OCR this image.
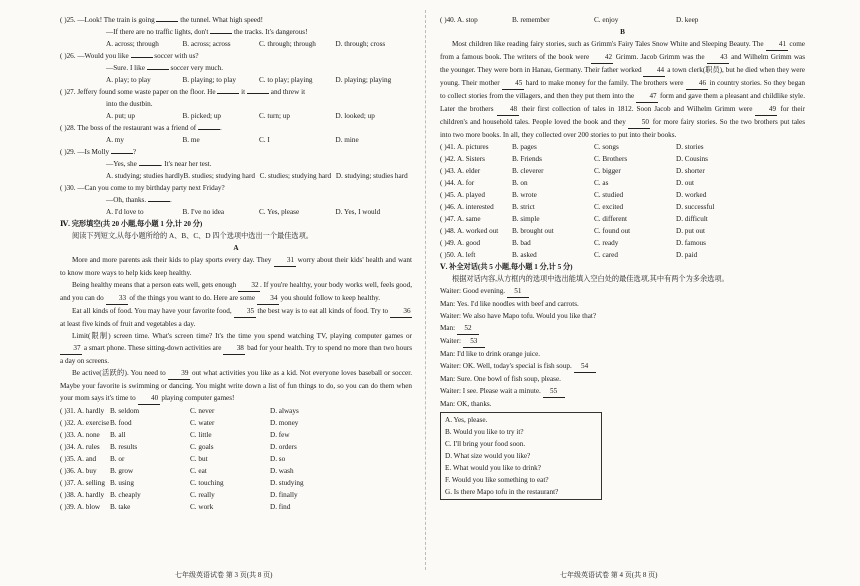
( )25. —Look! The train is going	the tunnel. What high speed!
—If there are no traffic lights, don't	the tracks. It's dangerous!
A. across; through	B. across; across	C. through; through	D. through; cross
( )26. —Would you like	soccer with us?
—Sure. I like	soccer very much.
A. play; to play	B. playing; to play	C. to play; playing	D. playing; playing
( )27. Jeffery found some waste paper on the floor. He	it	and threw it
into the dustbin.
A. put; up	B. picked; up	C. turn; up	D. looked; up
( )28. The boss of the restaurant was a friend of	.
A. my	B. me	C. I	D. mine
( )29. —Is Molly	?
—Yes, she	. It's near her test.
A. studying; studies hardly B. studies; studying hard C. studies; studying hard D. studying; studies hard
( )30. —Can you come to my birthday party next Friday?
—Oh, thanks.	.
A. I'd love to	B. I've no idea	C. Yes, please	D. Yes, I would
Ⅳ. 完形填空(共 20 小题,每小题 1 分,计 20 分)
阅读下列短文,从每小题所给的 A、B、C、D 四个选项中选出一个最佳选项。
A

More and more parents ask their kids to play sports every day. They 31 worry about their kids' health and want to know more ways to help kids keep healthy.

Being healthy means that a person eats well, gets enough 32. If you're healthy, your body works well, feels good, and you can do 33 of the things you want to do. Here are some 34 you should follow to keep healthy.

Eat all kinds of food. You may have your favorite food, 35 the best way is to eat all kinds of food. Try to 36 at least five kinds of fruit and vegetables a day.

Limit(限制) screen time. What's screen time? It's the time you spend watching TV, playing computer games or 37 a smart phone. These sitting-down activities are 38 bad for your health. Try to spend no more than two hours a day on screens.

Be active(活跃的). You need to 39 out what activities you like as a kid. Not everyone loves baseball or soccer. Maybe your favorite is swimming or dancing. You might write down a list of fun things to do, so you can do them when your mom says it's time to 40 playing computer games!

( )31. A. hardly B. seldom	C. never	D. always
( )32. A. exercise B. food	C. water	D. money
( )33. A. none	B. all	C. little	D. few
( )34. A. rules	B. results	C. goals	D. orders
( )35. A. and	B. or	C. but	D. so
( )36. A. buy	B. grow	C. eat	D. wash
( )37. A. selling B. using	C. touching	D. studying
( )38. A. hardly B. cheaply	C. really	D. finally
( )39. A. blow	B. take	C. work	D. find
( )40. A. stop	B. remember	C. enjoy	D. keep
B

Most children like reading fairy stories, such as Grimm's Fairy Tales Snow White and Sleeping Beauty. The 41 come from a famous book. The writers of the book were 42 Grimm. Jacob Grimm was the 43 and Wilhelm Grimm was the younger. They were born in Hanau, Germany. Their father worked 44 a town clerk(职员), but he died when they were young. Their mother 45 hard to make money for the family. The brothers were 46 in country stories. So they began to collect stories from the villagers, and then they put them into the 47 form and gave them a pleasant and childlike style. Later the brothers 48 their first collection of tales in 1812. Soon Jacob and Wilhelm Grimm were 49 for their children's and household tales. People loved the book and they 50 for more fairy stories. So the two brothers put tales into two more books. In all, they collected over 200 stories to put into their books.

( )41. A. pictures	B. pages	C. songs	D. stories
( )42. A. Sisters	B. Friends	C. Brothers	D. Cousins
( )43. A. elder	B. cleverer	C. bigger	D. shorter
( )44. A. for	B. on	C. as	D. out
( )45. A. played	B. wrote	C. studied	D. worked
( )46. A. interested	B. strict	C. excited	D. successful
( )47. A. same	B. simple	C. different	D. difficult
( )48. A. worked out	B. brought out	C. found out	D. put out
( )49. A. good	B. bad	C. ready	D. famous
( )50. A. left	B. asked	C. cared	D. paid
Ⅴ. 补全对话(共 5 小题,每小题 1 分,计 5 分)
根据对话内容,从方框内的选项中选出能填入空白处的最佳选项,其中有两个为多余选项。
Waiter: Good evening. 51
Man: Yes. I'd like noodles with beef and carrots.
Waiter: We also have Mapo tofu. Would you like that?
Man: 52
Waiter: 53
Man: I'd like to drink orange juice.
Waiter: OK. Well, today's special is fish soup. 54
Man: Sure. One bowl of fish soup, please.
Waiter: I see. Please wait a minute. 55
Man: OK, thanks.
A. Yes, please.
B. Would you like to try it?
C. I'll bring your food soon.
D. What size would you like?
E. What would you like to drink?
F. Would you like something to eat?
G. Is there Mapo tofu in the restaurant?
七年级英语试卷 第 3 页(共 8 页)	七年级英语试卷 第 4 页(共 8 页)
